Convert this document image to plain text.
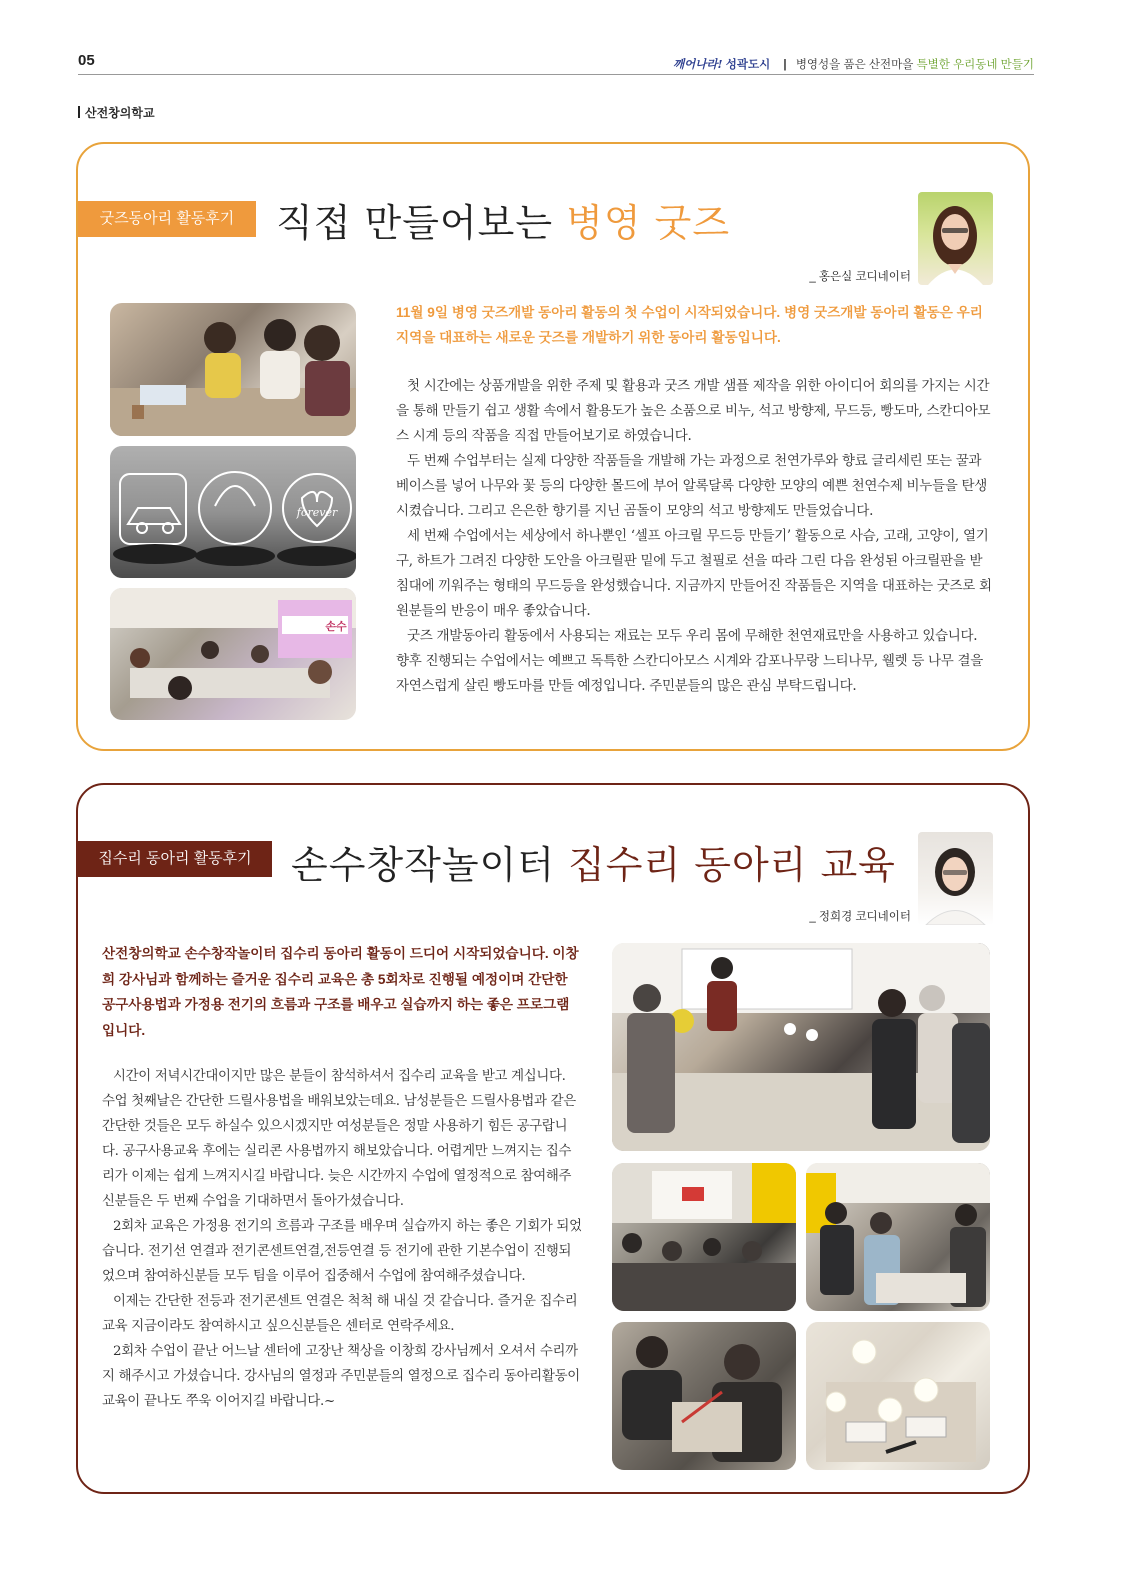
05	깨어나라! 성곽도시 | 병영성을 품은 산전마을 특별한 우리동네 만들기
산전창의학교
굿즈동아리 활동후기	직접 만들어보는 병영 굿즈
_ 홍은실 코디네이터
forever
손수
11월 9일 병영 굿즈개발 동아리 활동의 첫 수업이 시작되었습니다. 병영 굿즈개발 동아리 활동은 우리 지역을 대표하는 새로운 굿즈를 개발하기 위한 동아리 활동입니다.

첫 시간에는 상품개발을 위한 주제 및 활용과 굿즈 개발 샘플 제작을 위한 아이디어 회의를 가지는 시간을 통해 만들기 쉽고 생활 속에서 활용도가 높은 소품으로 비누, 석고 방향제, 무드등, 빵도마, 스칸디아모스 시계 등의 작품을 직접 만들어보기로 하였습니다.

두 번째 수업부터는 실제 다양한 작품들을 개발해 가는 과정으로 천연가루와 향료 글리세린 또는 꿀과 베이스를 넣어 나무와 꽃 등의 다양한 몰드에 부어 알록달록 다양한 모양의 예쁜 천연수제 비누들을 탄생시켰습니다. 그리고 은은한 향기를 지닌 곰돌이 모양의 석고 방향제도 만들었습니다.

세 번째 수업에서는 세상에서 하나뿐인 ‘셀프 아크릴 무드등 만들기’ 활동으로 사슴, 고래, 고양이, 열기구, 하트가 그려진 다양한 도안을 아크릴판 밑에 두고 철필로 선을 따라 그린 다음 완성된 아크릴판을 받침대에 끼워주는 형태의 무드등을 완성했습니다. 지금까지 만들어진 작품들은 지역을 대표하는 굿즈로 회원분들의 반응이 매우 좋았습니다.

굿즈 개발동아리 활동에서 사용되는 재료는 모두 우리 몸에 무해한 천연재료만을 사용하고 있습니다. 향후 진행되는 수업에서는 예쁘고 독특한 스칸디아모스 시계와 감포나무랑 느티나무, 웰렛 등 나무 결을 자연스럽게 살린 빵도마를 만들 예정입니다. 주민분들의 많은 관심 부탁드립니다.

집수리 동아리 활동후기	손수창작놀이터 집수리 동아리 교육
_ 정희경 코디네이터
산전창의학교 손수창작놀이터 집수리 동아리 활동이 드디어 시작되었습니다. 이창희 강사님과 함께하는 즐거운 집수리 교육은 총 5회차로 진행될 예정이며 간단한 공구사용법과 가정용 전기의 흐름과 구조를 배우고 실습까지 하는 좋은 프로그램입니다.

시간이 저녁시간대이지만 많은 분들이 참석하셔서 집수리 교육을 받고 계십니다. 수업 첫째날은 간단한 드릴사용법을 배워보았는데요. 남성분들은 드릴사용법과 같은 간단한 것들은 모두 하실수 있으시겠지만 여성분들은 정말 사용하기 힘든 공구랍니다. 공구사용교육 후에는 실리콘 사용법까지 해보았습니다. 어렵게만 느껴지는 집수리가 이제는 쉽게 느껴지시길 바랍니다. 늦은 시간까지 수업에 열정적으로 참여해주신분들은 두 번째 수업을 기대하면서 돌아가셨습니다.

2회차 교육은 가정용 전기의 흐름과 구조를 배우며 실습까지 하는 좋은 기회가 되었습니다. 전기선 연결과 전기콘센트연결,전등연결 등 전기에 관한 기본수업이 진행되었으며 참여하신분들 모두 팀을 이루어 집중해서 수업에 참여해주셨습니다.

이제는 간단한 전등과 전기콘센트 연결은 척척 해 내실 것 같습니다. 즐거운 집수리교육 지금이라도 참여하시고 싶으신분들은 센터로 연락주세요.

2회차 수업이 끝난 어느날 센터에 고장난 책상을 이창희 강사님께서 오셔서 수리까지 해주시고 가셨습니다. 강사님의 열정과 주민분들의 열정으로 집수리 동아리활동이 교육이 끝나도 쭈욱 이어지길 바랍니다.~
